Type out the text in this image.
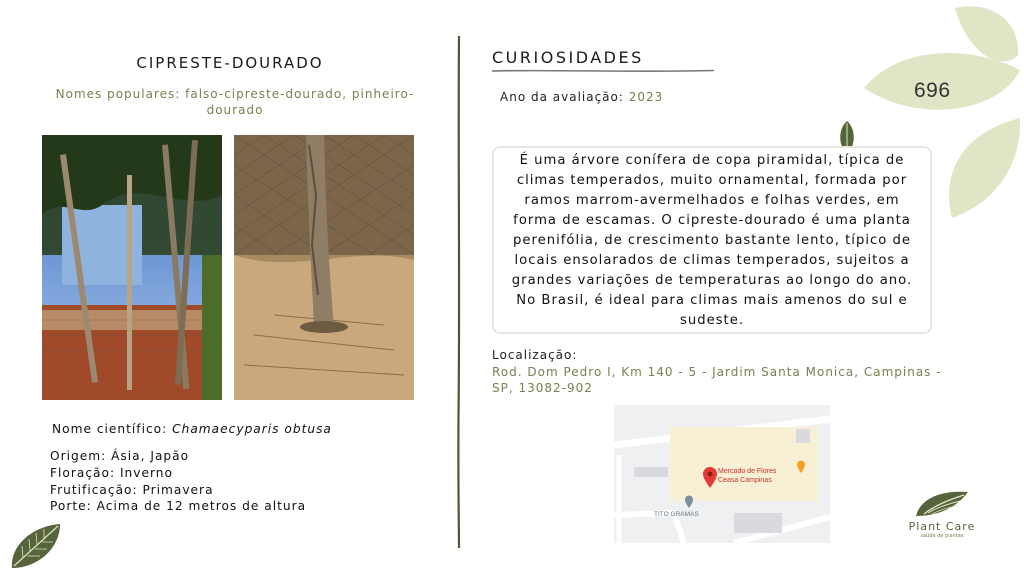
696
CIPRESTE-DOURADO
Nomes populares: falso-cipreste-dourado, pinheiro-dourado
Nome científico: Chamaecyparis obtusa
Origem: Ásia, Japão
Floração: Inverno
Frutificação: Primavera
Porte: Acima de 12 metros de altura
CURIOSIDADES
Ano da avaliação: 2023
É uma árvore conífera de copa piramidal, típica de climas temperados, muito ornamental, formada por ramos marrom-avermelhados e folhas verdes, em forma de escamas. O cipreste-dourado é uma planta perenifólia, de crescimento bastante lento, típico de locais ensolarados de climas temperados, sujeitos a grandes variações de temperaturas ao longo do ano. No Brasil, é ideal para climas mais amenos do sul e sudeste.
Localização:
Rod. Dom Pedro I, Km 140 - 5 - Jardim Santa Monica, Campinas - SP, 13082-902
Mercado de Flores
Ceasa Campinas
TITO GRAMAS
Plant Care
saúde de plantas
